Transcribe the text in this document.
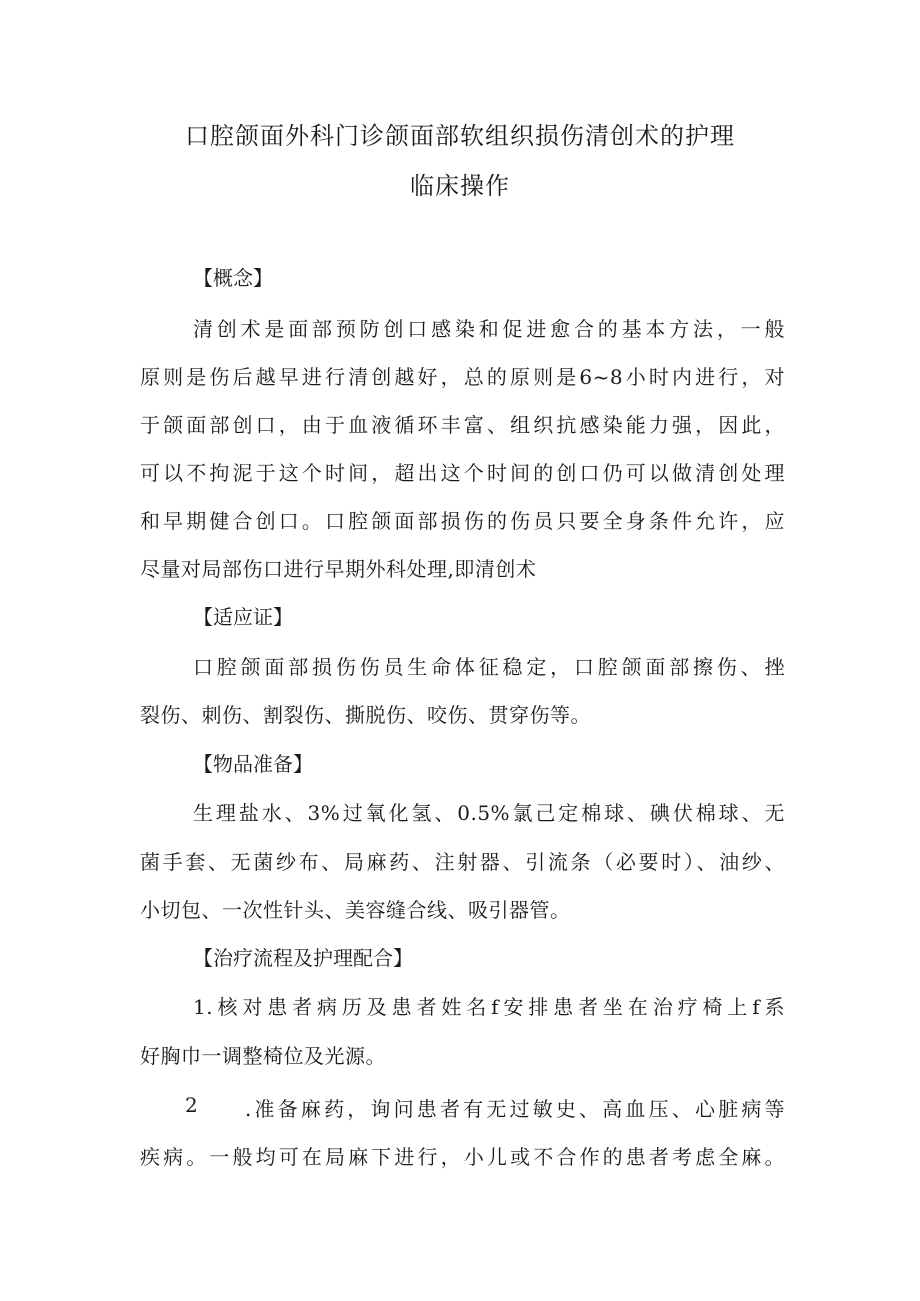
口腔颌面外科门诊颌面部软组织损伤清创术的护理
临床操作
【概念】
清创术是面部预防创口感染和促进愈合的基本方法，一般
原则是伤后越早进行清创越好，总的原则是6~8小时内进行，对
于颌面部创口，由于血液循环丰富、组织抗感染能力强，因此，
可以不拘泥于这个时间，超出这个时间的创口仍可以做清创处理
和早期健合创口。口腔颌面部损伤的伤员只要全身条件允许，应
尽量对局部伤口进行早期外科处理,即清创术
【适应证】
口腔颌面部损伤伤员生命体征稳定，口腔颌面部擦伤、挫
裂伤、刺伤、割裂伤、撕脱伤、咬伤、贯穿伤等。
【物品准备】
生理盐水、3%过氧化氢、0.5%氯己定棉球、碘伏棉球、无
菌手套、无菌纱布、局麻药、注射器、引流条（必要时）、油纱、
小切包、一次性针头、美容缝合线、吸引器管。
【治疗流程及护理配合】
1.核对患者病历及患者姓名f安排患者坐在治疗椅上f系
好胸巾一调整椅位及光源。
2 .准备麻药，询问患者有无过敏史、高血压、心脏病等
疾病。一般均可在局麻下进行，小儿或不合作的患者考虑全麻。
